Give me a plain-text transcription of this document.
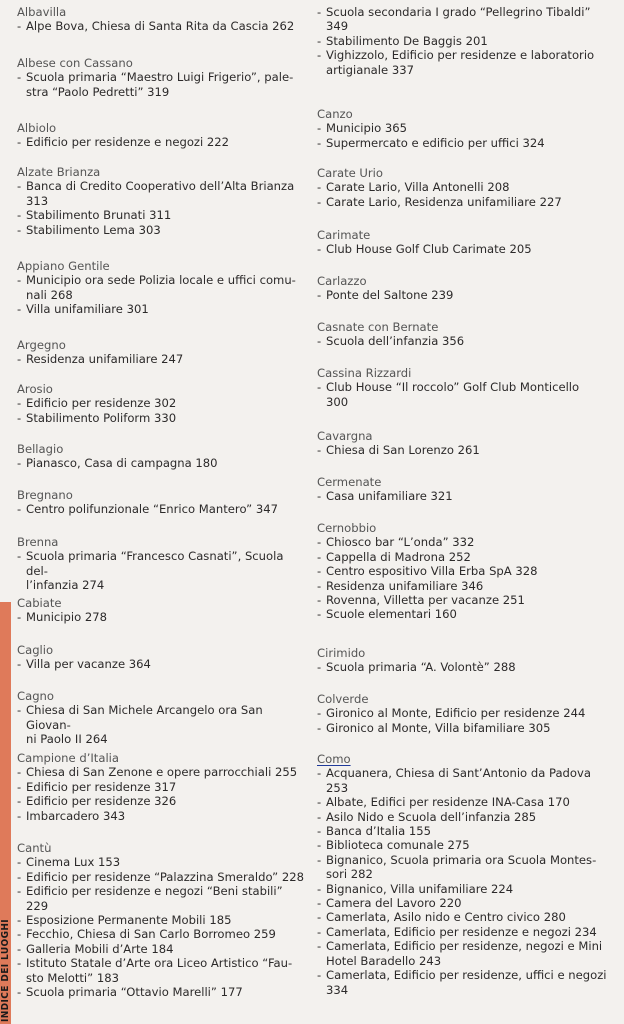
INDICE DEI LUOGHI
Albavilla
- Alpe Bova, Chiesa di Santa Rita da Cascia 262
Albese con Cassano
- Scuola primaria “Maestro Luigi Frigerio”, pale-
stra “Paolo Pedretti” 319
Albiolo
- Edificio per residenze e negozi 222
Alzate Brianza
- Banca di Credito Cooperativo dell’Alta Brianza
313
- Stabilimento Brunati 311
- Stabilimento Lema 303
Appiano Gentile
- Municipio ora sede Polizia locale e uffici comu-
nali 268
- Villa unifamiliare 301
Argegno
- Residenza unifamiliare 247
Arosio
- Edificio per residenze 302
- Stabilimento Poliform 330
Bellagio
- Pianasco, Casa di campagna 180
Bregnano
- Centro polifunzionale “Enrico Mantero” 347
Brenna
- Scuola primaria “Francesco Casnati”, Scuola del-
l’infanzia 274
Cabiate
- Municipio 278
Caglio
- Villa per vacanze 364
Cagno
- Chiesa di San Michele Arcangelo ora San Giovan-
ni Paolo II 264
Campione d’Italia
- Chiesa di San Zenone e opere parrocchiali 255
- Edificio per residenze 317
- Edificio per residenze 326
- Imbarcadero 343
Cantù
- Cinema Lux 153
- Edificio per residenze “Palazzina Smeraldo” 228
- Edificio per residenze e negozi “Beni stabili”
229
- Esposizione Permanente Mobili 185
- Fecchio, Chiesa di San Carlo Borromeo 259
- Galleria Mobili d’Arte 184
- Istituto Statale d’Arte ora Liceo Artistico “Fau-
sto Melotti” 183
- Scuola primaria “Ottavio Marelli” 177
- Scuola secondaria I grado “Pellegrino Tibaldi”
349
- Stabilimento De Baggis 201
- Vighizzolo, Edificio per residenze e laboratorio
artigianale 337
Canzo
- Municipio 365
- Supermercato e edificio per uffici 324
Carate Urio
- Carate Lario, Villa Antonelli 208
- Carate Lario, Residenza unifamiliare 227
Carimate
- Club House Golf Club Carimate 205
Carlazzo
- Ponte del Saltone 239
Casnate con Bernate
- Scuola dell’infanzia 356
Cassina Rizzardi
- Club House “Il roccolo” Golf Club Monticello
300
Cavargna
- Chiesa di San Lorenzo 261
Cermenate
- Casa unifamiliare 321
Cernobbio
- Chiosco bar “L’onda” 332
- Cappella di Madrona 252
- Centro espositivo Villa Erba SpA 328
- Residenza unifamiliare 346
- Rovenna, Villetta per vacanze 251
- Scuole elementari 160
Cirimido
- Scuola primaria “A. Volontè” 288
Colverde
- Gironico al Monte, Edificio per residenze 244
- Gironico al Monte, Villa bifamiliare 305
Como
- Acquanera, Chiesa di Sant’Antonio da Padova
253
- Albate, Edifici per residenze INA-Casa 170
- Asilo Nido e Scuola dell’infanzia 285
- Banca d’Italia 155
- Biblioteca comunale 275
- Bignanico, Scuola primaria ora Scuola Montes-
sori 282
- Bignanico, Villa unifamiliare 224
- Camera del Lavoro 220
- Camerlata, Asilo nido e Centro civico 280
- Camerlata, Edificio per residenze e negozi 234
- Camerlata, Edificio per residenze, negozi e Mini
Hotel Baradello 243
- Camerlata, Edificio per residenze, uffici e negozi
334
